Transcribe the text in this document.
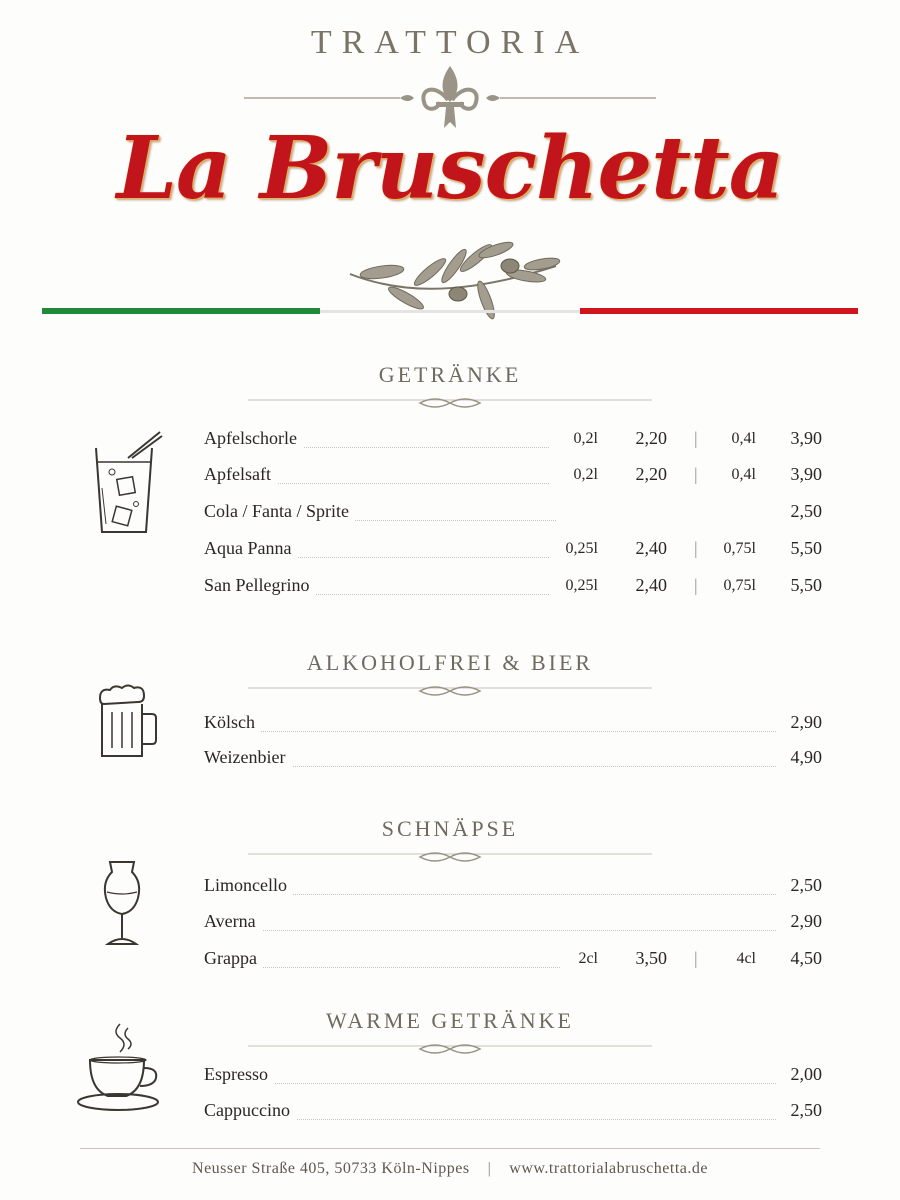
TRATTORIA
La Bruschetta
GETRÄNKE
Apfelschorle	0,2l 2,20 | 0,4l 3,90
Apfelsaft	0,2l 2,20 | 0,4l 3,90
Cola / Fanta / Sprite	2,50
Aqua Panna	0,25l 2,40 | 0,75l 5,50
San Pellegrino	0,25l 2,40 | 0,75l 5,50
ALKOHOLFREI & BIER
Kölsch	2,90
Weizenbier	4,90
SCHNÄPSE
Limoncello	2,50
Averna	2,90
Grappa	2cl 3,50 | 4cl 4,50
WARME GETRÄNKE
Espresso	2,00
Cappuccino	2,50
Neusser Straße 405, 50733 Köln-Nippes | www.trattorialabruschetta.de
